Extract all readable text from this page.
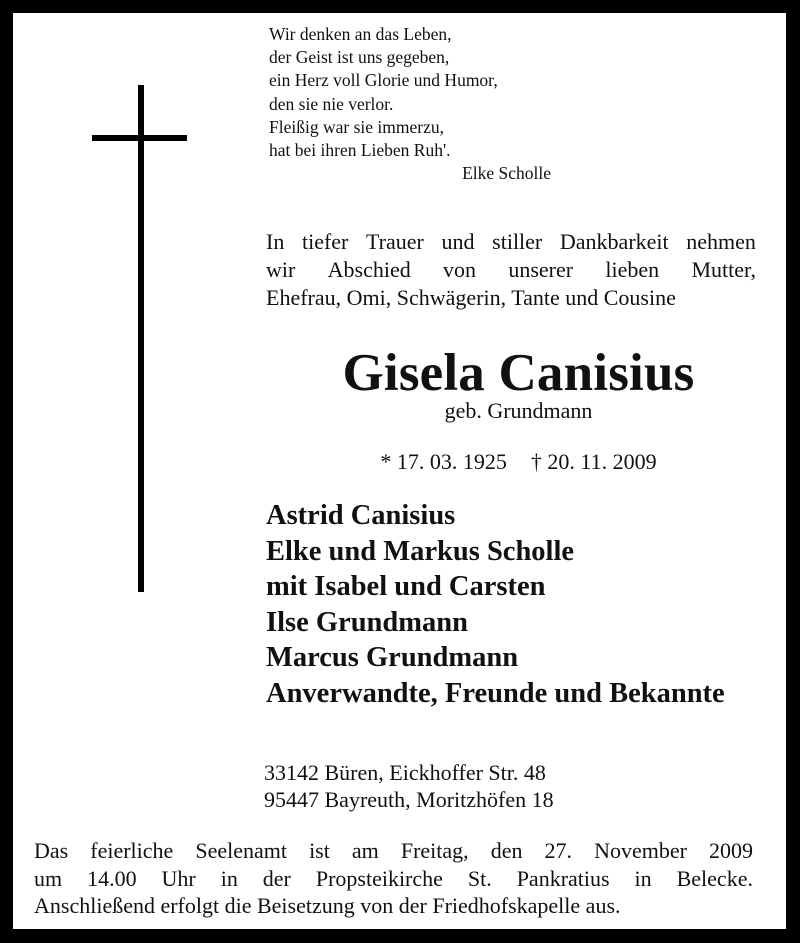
Wir denken an das Leben,
der Geist ist uns gegeben,
ein Herz voll Glorie und Humor,
den sie nie verlor.
Fleißig war sie immerzu,
hat bei ihren Lieben Ruh'.
Elke Scholle
In tiefer Trauer und stiller Dankbarkeit nehmen
wir Abschied von unserer lieben Mutter,
Ehefrau, Omi, Schwägerin, Tante und Cousine
Gisela Canisius
geb. Grundmann
* 17. 03. 1925 † 20. 11. 2009
Astrid Canisius
Elke und Markus Scholle
mit Isabel und Carsten
Ilse Grundmann
Marcus Grundmann
Anverwandte, Freunde und Bekannte
33142 Büren, Eickhoffer Str. 48
95447 Bayreuth, Moritzhöfen 18
Das feierliche Seelenamt ist am Freitag, den 27. November 2009
um 14.00 Uhr in der Propsteikirche St. Pankratius in Belecke.
Anschließend erfolgt die Beisetzung von der Friedhofskapelle aus.
